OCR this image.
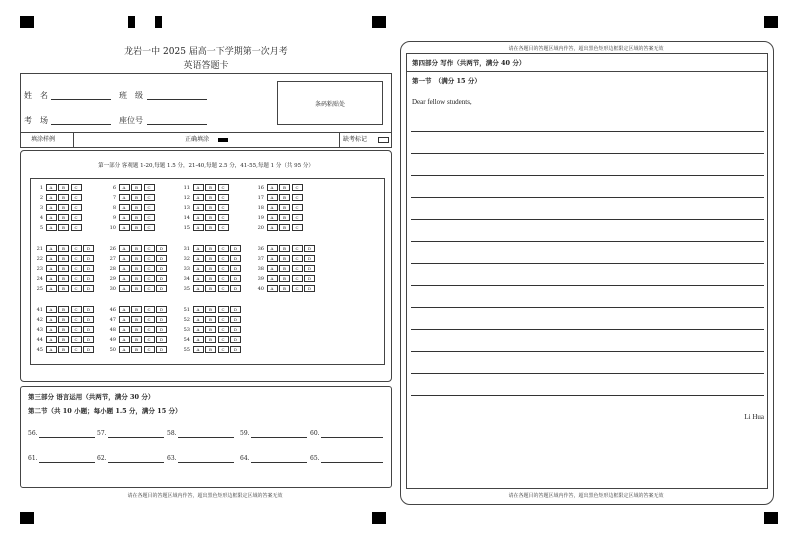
龙岩一中 2025 届高一下学期第一次月考
英语答题卡
姓　名	班　级
考　场	座位号
条码粘贴处
填涂样例	正确填涂	缺考标记
第一部分 客观题 1-20,每题 1.5 分，21-40,每题 2.5 分，41-55,每题 1 分（共 95 分）
1 A B C
2 A B C
3 A B C
4 A B C
5 A B C
6 A B C
7 A B C
8 A B C
9 A B C
10 A B C
11 A B C
12 A B C
13 A B C
14 A B C
15 A B C
16 A B C
17 A B C
18 A B C
19 A B C
20 A B C
21 A B C D
22 A B C D
23 A B C D
24 A B C D
25 A B C D
26 A B C D
27 A B C D
28 A B C D
29 A B C D
30 A B C D
31 A B C D
32 A B C D
33 A B C D
34 A B C D
35 A B C D
36 A B C D
37 A B C D
38 A B C D
39 A B C D
40 A B C D
41 A B C D
42 A B C D
43 A B C D
44 A B C D
45 A B C D
46 A B C D
47 A B C D
48 A B C D
49 A B C D
50 A B C D
51 A B C D
52 A B C D
53 A B C D
54 A B C D
55 A B C D
第三部分 语言运用（共两节，满分 30 分）
第二节（共 10 小题；每小题 1.5 分，满分 15 分）
56.	57.	58.	59.	60.
61.	62.	63.	64.	65.
请在各题目的答题区域内作答，超出黑色矩形边框限定区域的答案无效
请在各题目的答题区域内作答，超出黑色矩形边框限定区域的答案无效
第四部分 写作（共两节，满分 40 分）
第一节　（满分 15 分）
Dear fellow students,
Li Hua
请在各题目的答题区域内作答，超出黑色矩形边框限定区域的答案无效
